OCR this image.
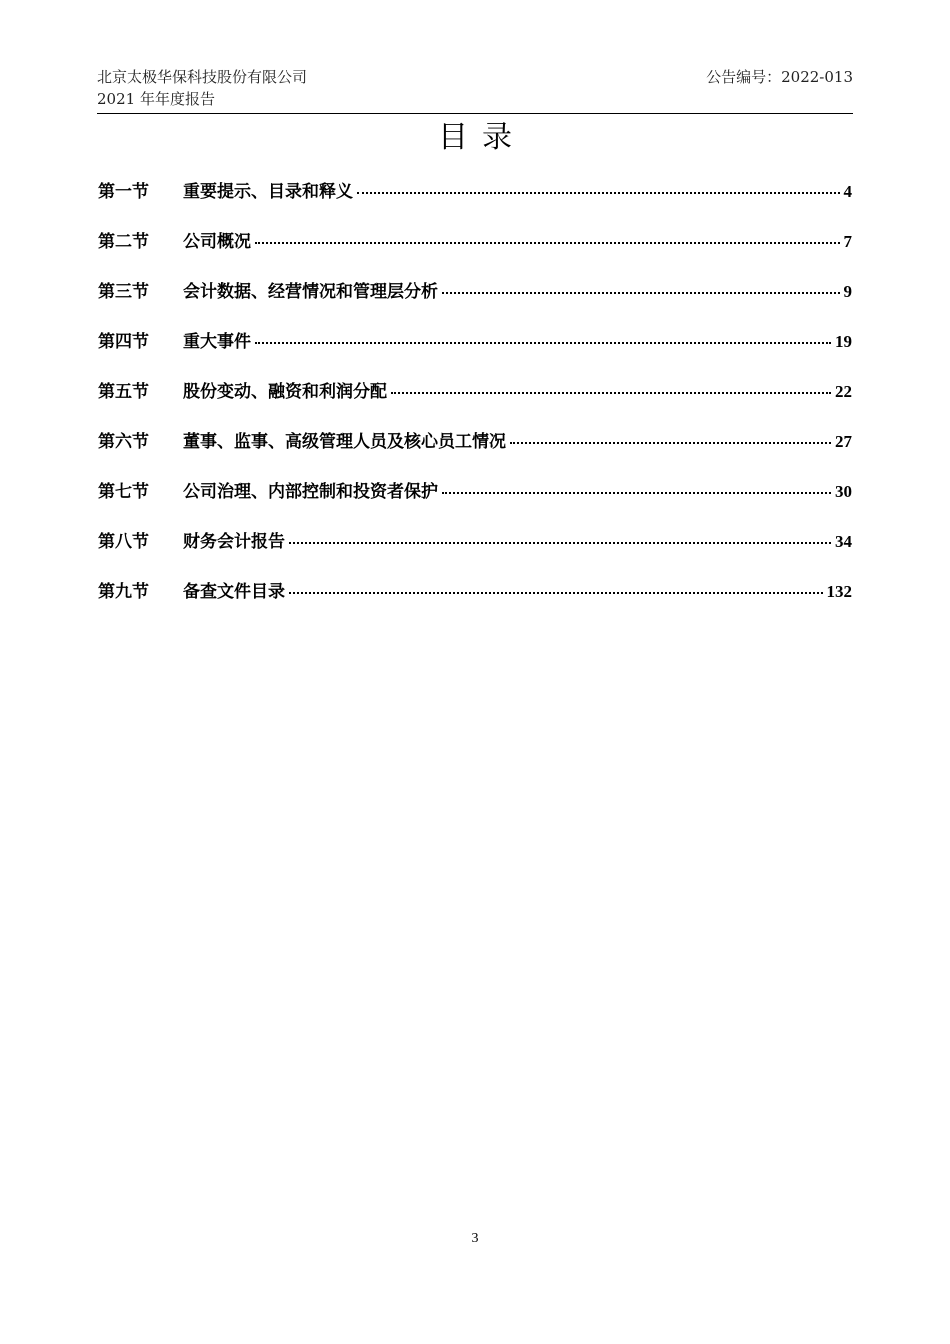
北京太极华保科技股份有限公司
2021 年年度报告
公告编号：2022-013
目录
第一节	重要提示、目录和释义	4
第二节	公司概况	7
第三节	会计数据、经营情况和管理层分析	9
第四节	重大事件	19
第五节	股份变动、融资和利润分配	22
第六节	董事、监事、高级管理人员及核心员工情况	27
第七节	公司治理、内部控制和投资者保护	30
第八节	财务会计报告	34
第九节	备查文件目录	132
3
